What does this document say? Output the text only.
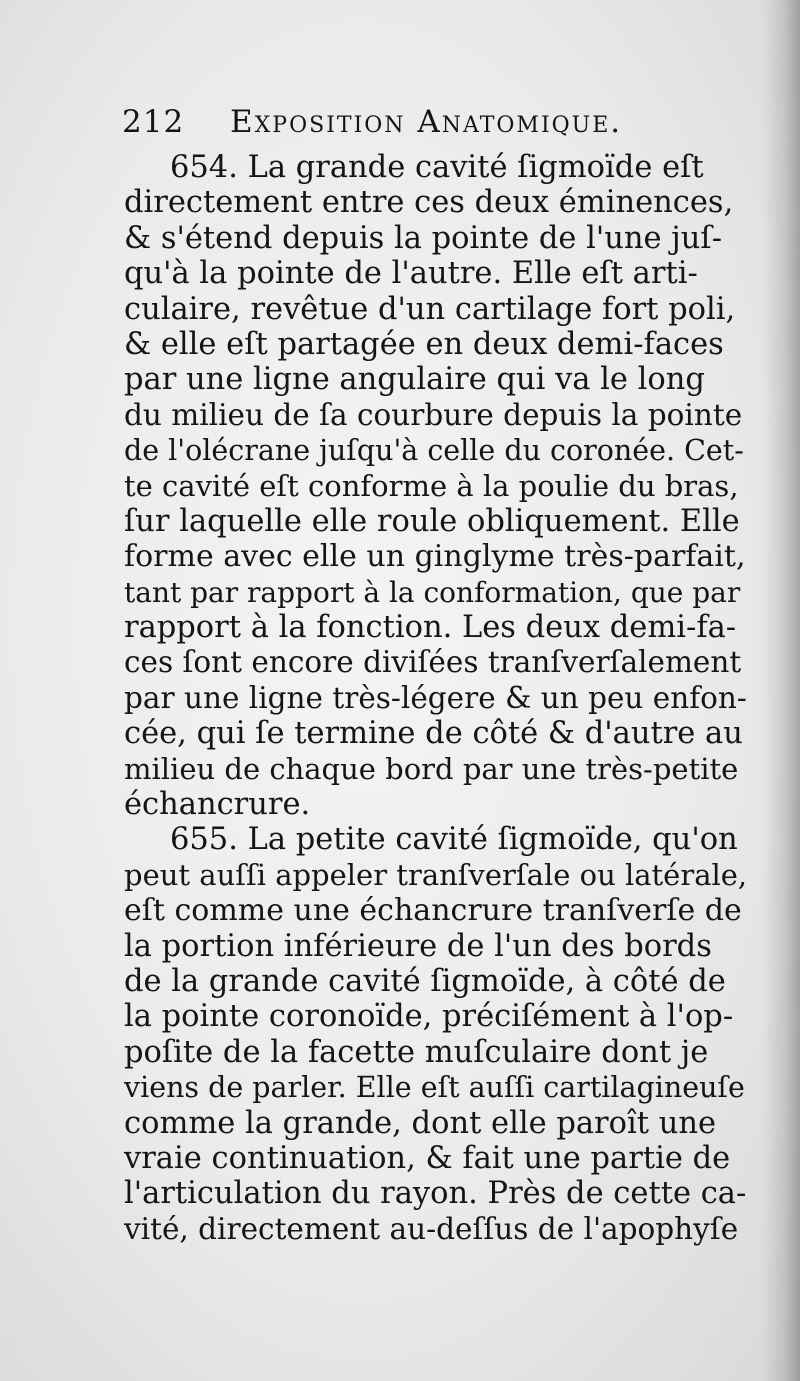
212 Exposition Anatomique.
654. La grande cavité ſigmoïde eſt
directement entre ces deux éminences,
& s'étend depuis la pointe de l'une juſ-
qu'à la pointe de l'autre. Elle eſt arti-
culaire, revêtue d'un cartilage fort poli,
& elle eſt partagée en deux demi-faces
par une ligne angulaire qui va le long
du milieu de ſa courbure depuis la pointe
de l'olécrane juſqu'à celle du coronée. Cet-
te cavité eſt conforme à la poulie du bras,
ſur laquelle elle roule obliquement. Elle
forme avec elle un ginglyme très-parfait,
tant par rapport à la conformation, que par
rapport à la fonction. Les deux demi-fa-
ces ſont encore diviſées tranſverſalement
par une ligne très-légere & un peu enfon-
cée, qui ſe termine de côté & d'autre au
milieu de chaque bord par une très-petite
échancrure.
655. La petite cavité ſigmoïde, qu'on
peut auſſi appeler tranſverſale ou latérale,
eſt comme une échancrure tranſverſe de
la portion inférieure de l'un des bords
de la grande cavité ſigmoïde, à côté de
la pointe coronoïde, préciſément à l'op-
poſite de la facette muſculaire dont je
viens de parler. Elle eſt auſſi cartilagineuſe
comme la grande, dont elle paroît une
vraie continuation, & fait une partie de
l'articulation du rayon. Près de cette ca-
vité, directement au-deſſus de l'apophyſe
